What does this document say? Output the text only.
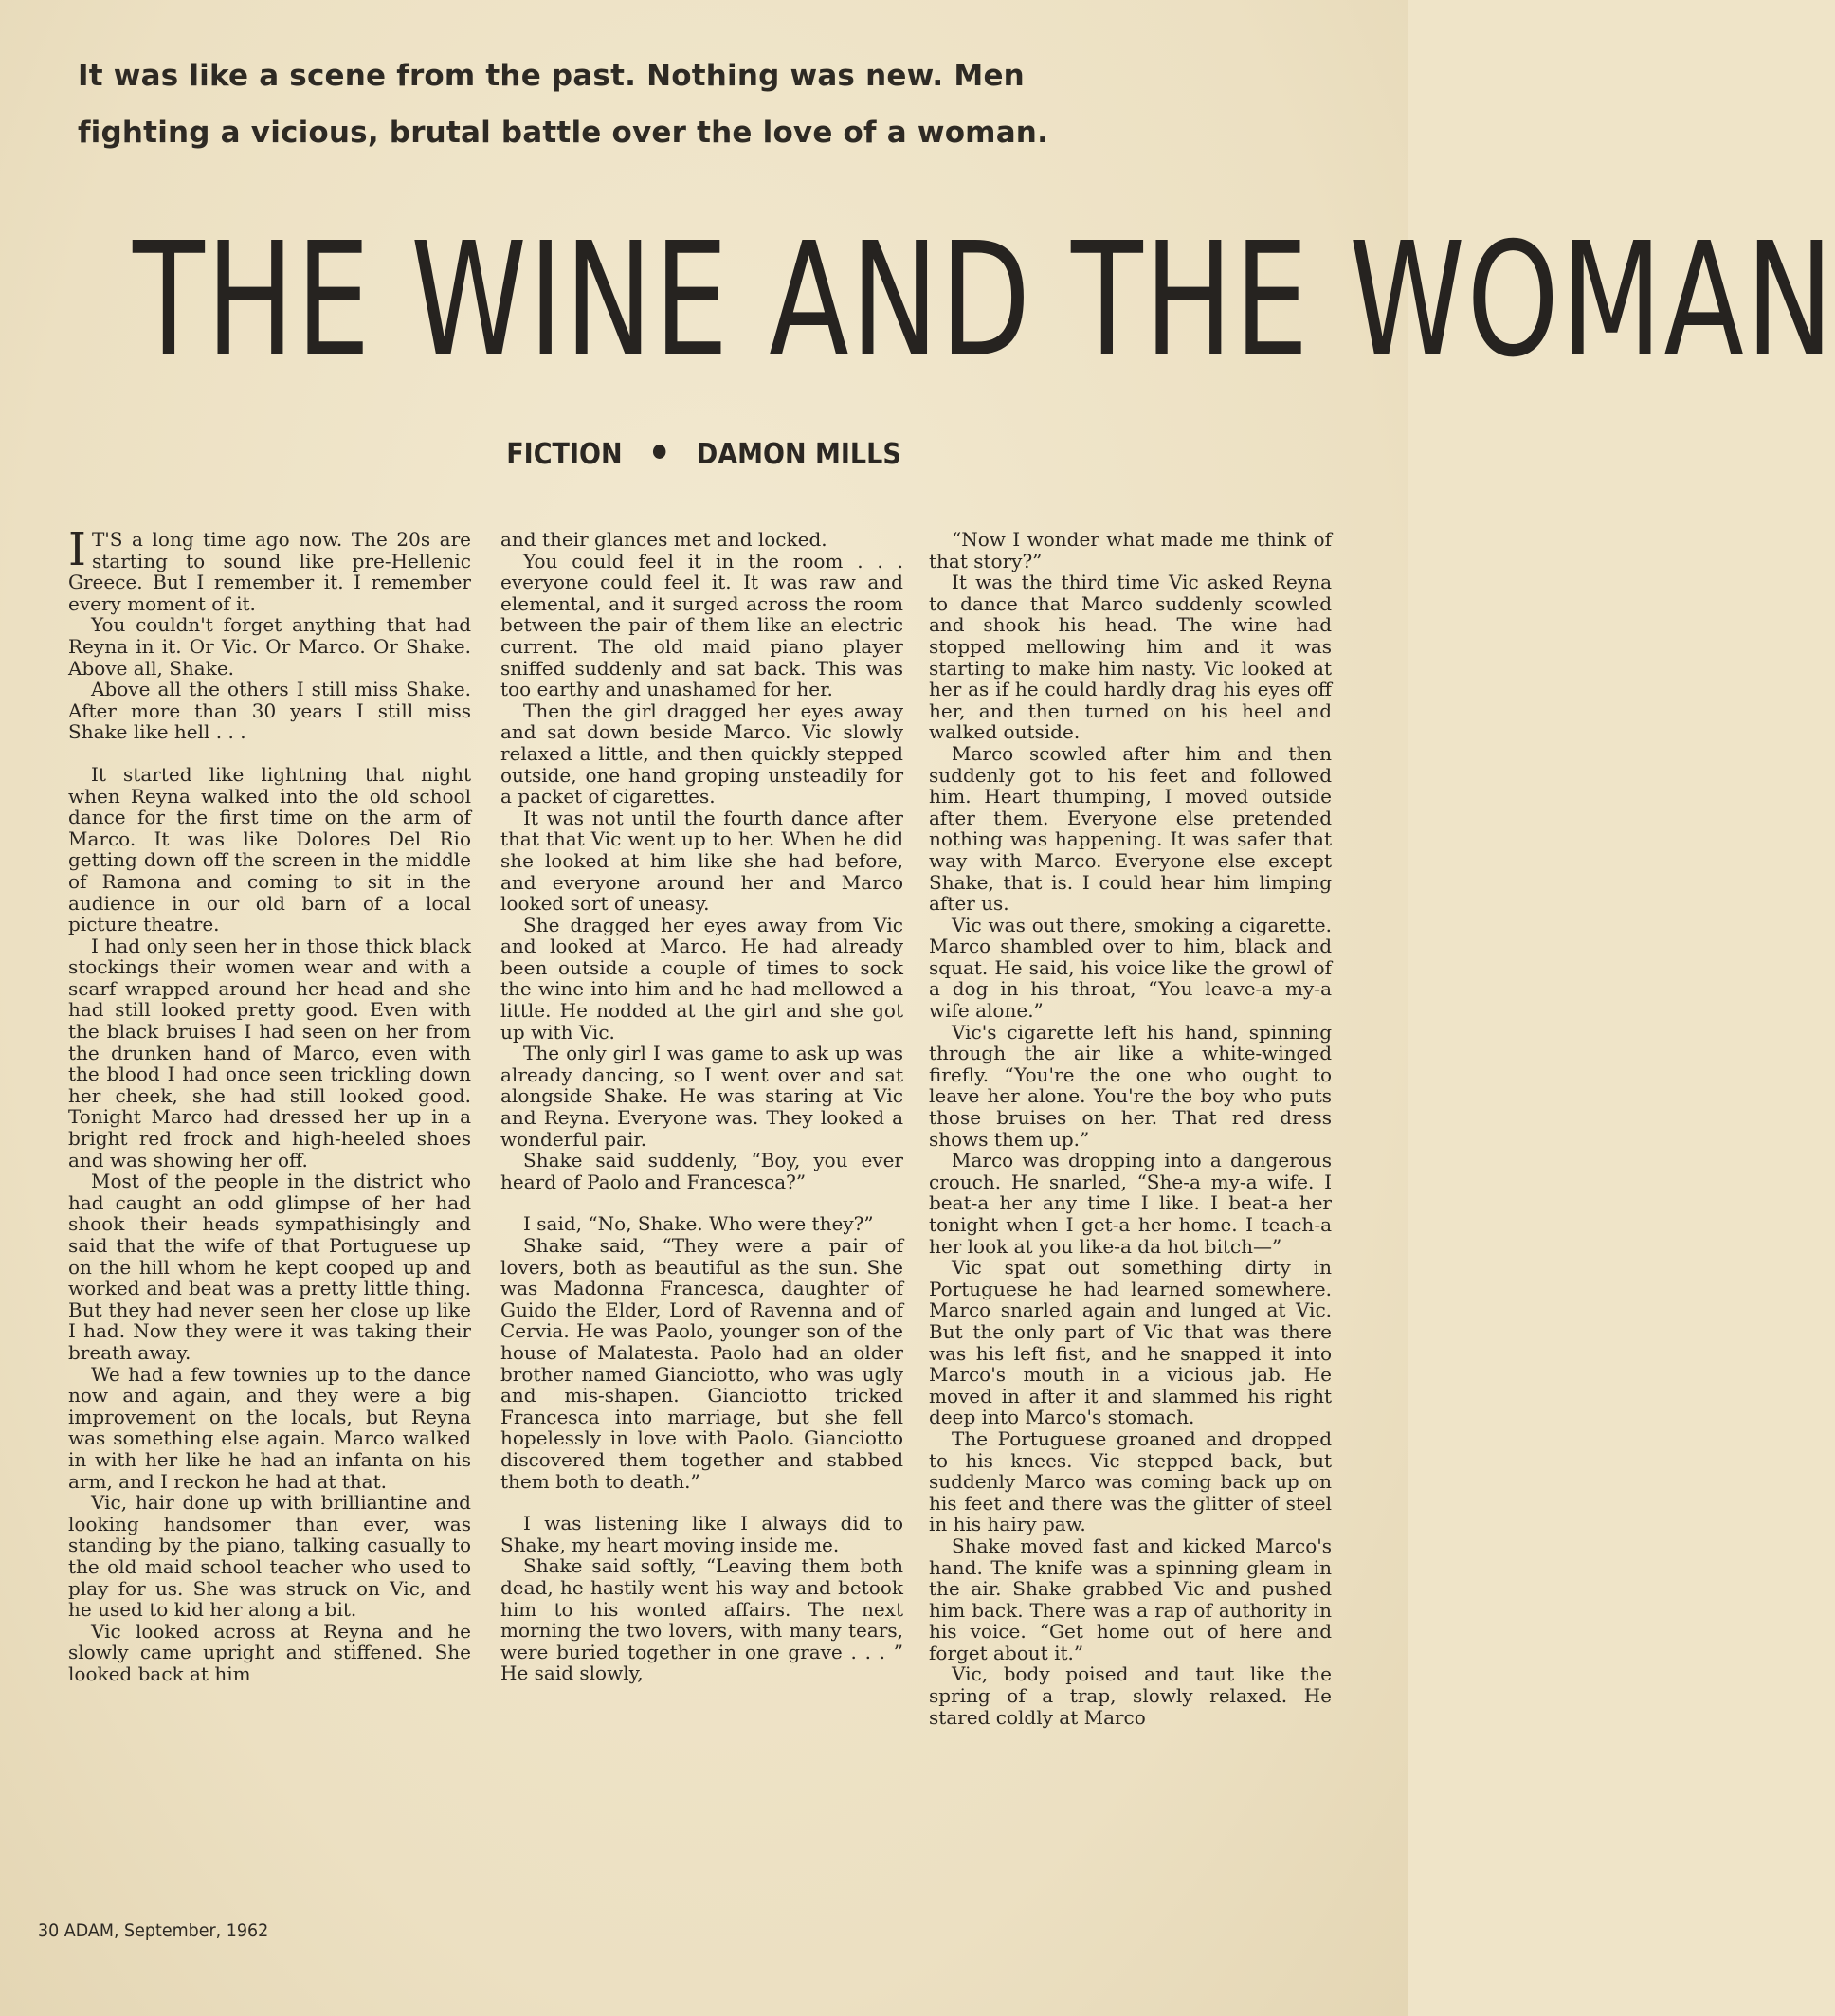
It was like a scene from the past. Nothing was new. Men
fighting a vicious, brutal battle over the love of a woman.
THE WINE AND THE WOMAN
FICTION	DAMON MILLS

I T'S a long time ago now. The 20s are starting to sound like pre-Hellenic Greece. But I remember it. I remember every moment of it.

You couldn't forget anything that had Reyna in it. Or Vic. Or Marco. Or Shake. Above all, Shake.

Above all the others I still miss Shake. After more than 30 years I still miss Shake like hell . . .

It started like lightning that night when Reyna walked into the old school dance for the first time on the arm of Marco. It was like Dolores Del Rio getting down off the screen in the middle of Ramona and coming to sit in the audience in our old barn of a local picture theatre.

I had only seen her in those thick black stockings their women wear and with a scarf wrapped around her head and she had still looked pretty good. Even with the black bruises I had seen on her from the drunken hand of Marco, even with the blood I had once seen trickling down her cheek, she had still looked good. Tonight Marco had dressed her up in a bright red frock and high-heeled shoes and was showing her off.

Most of the people in the district who had caught an odd glimpse of her had shook their heads sympathisingly and said that the wife of that Portuguese up on the hill whom he kept cooped up and worked and beat was a pretty little thing. But they had never seen her close up like I had. Now they were it was taking their breath away.

We had a few townies up to the dance now and again, and they were a big improvement on the locals, but Reyna was something else again. Marco walked in with her like he had an infanta on his arm, and I reckon he had at that.

Vic, hair done up with brilliantine and looking handsomer than ever, was standing by the piano, talking casually to the old maid school teacher who used to play for us. She was struck on Vic, and he used to kid her along a bit.

Vic looked across at Reyna and he slowly came upright and stiffened. She looked back at him

and their glances met and locked.

You could feel it in the room . . . everyone could feel it. It was raw and elemental, and it surged across the room between the pair of them like an electric current. The old maid piano player sniffed suddenly and sat back. This was too earthy and unashamed for her.

Then the girl dragged her eyes away and sat down beside Marco. Vic slowly relaxed a little, and then quickly stepped outside, one hand groping unsteadily for a packet of cigarettes.

It was not until the fourth dance after that that Vic went up to her. When he did she looked at him like she had before, and everyone around her and Marco looked sort of uneasy.

She dragged her eyes away from Vic and looked at Marco. He had already been outside a couple of times to sock the wine into him and he had mellowed a little. He nodded at the girl and she got up with Vic.

The only girl I was game to ask up was already dancing, so I went over and sat alongside Shake. He was staring at Vic and Reyna. Everyone was. They looked a wonderful pair.

Shake said suddenly, “Boy, you ever heard of Paolo and Francesca?”

I said, “No, Shake. Who were they?”

Shake said, “They were a pair of lovers, both as beautiful as the sun. She was Madonna Francesca, daughter of Guido the Elder, Lord of Ravenna and of Cervia. He was Paolo, younger son of the house of Malatesta. Paolo had an older brother named Gianciotto, who was ugly and mis-shapen. Gianciotto tricked Francesca into marriage, but she fell hopelessly in love with Paolo. Gianciotto discovered them together and stabbed them both to death.”

I was listening like I always did to Shake, my heart moving inside me.

Shake said softly, “Leaving them both dead, he hastily went his way and betook him to his wonted affairs. The next morning the two lovers, with many tears, were buried together in one grave . . . ” He said slowly,

“Now I wonder what made me think of that story?”

It was the third time Vic asked Reyna to dance that Marco suddenly scowled and shook his head. The wine had stopped mellowing him and it was starting to make him nasty. Vic looked at her as if he could hardly drag his eyes off her, and then turned on his heel and walked outside.

Marco scowled after him and then suddenly got to his feet and followed him. Heart thumping, I moved outside after them. Everyone else pretended nothing was happening. It was safer that way with Marco. Everyone else except Shake, that is. I could hear him limping after us.

Vic was out there, smoking a cigarette. Marco shambled over to him, black and squat. He said, his voice like the growl of a dog in his throat, “You leave-a my-a wife alone.”

Vic's cigarette left his hand, spinning through the air like a white-winged firefly. “You're the one who ought to leave her alone. You're the boy who puts those bruises on her. That red dress shows them up.”

Marco was dropping into a dangerous crouch. He snarled, “She-a my-a wife. I beat-a her any time I like. I beat-a her tonight when I get-a her home. I teach-a her look at you like-a da hot bitch—”

Vic spat out something dirty in Portuguese he had learned somewhere. Marco snarled again and lunged at Vic. But the only part of Vic that was there was his left fist, and he snapped it into Marco's mouth in a vicious jab. He moved in after it and slammed his right deep into Marco's stomach.

The Portuguese groaned and dropped to his knees. Vic stepped back, but suddenly Marco was coming back up on his feet and there was the glitter of steel in his hairy paw.

Shake moved fast and kicked Marco's hand. The knife was a spinning gleam in the air. Shake grabbed Vic and pushed him back. There was a rap of authority in his voice. “Get home out of here and forget about it.”

Vic, body poised and taut like the spring of a trap, slowly relaxed. He stared coldly at Marco

30 ADAM, September, 1962
